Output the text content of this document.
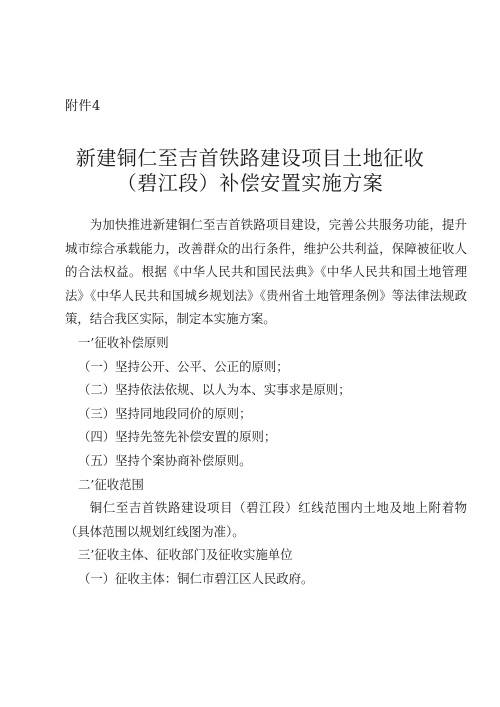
附件4
新建铜仁至吉首铁路建设项目土地征收
（碧江段）补偿安置实施方案

为加快推进新建铜仁至吉首铁路项目建设，完善公共服务功能，提升城市综合承载能力，改善群众的出行条件，维护公共利益，保障被征收人的合法权益。根据《中华人民共和国民法典》《中华人民共和国土地管理法》《中华人民共和国城乡规划法》《贵州省土地管理条例》等法律法规政策，结合我区实际，制定本实施方案。

一’征收补偿原则

（一）坚持公开、公平、公正的原则；

（二）坚持依法依规、以人为本、实事求是原则；

（三）坚持同地段同价的原则；

（四）坚持先签先补偿安置的原则；

（五）坚持个案协商补偿原则。

二’征收范围

铜仁至吉首铁路建设项目（碧江段）红线范围内土地及地上附着物（具体范围以规划红线图为准）。

三’征收主体、征收部门及征收实施单位

（一）征收主体：铜仁市碧江区人民政府。
